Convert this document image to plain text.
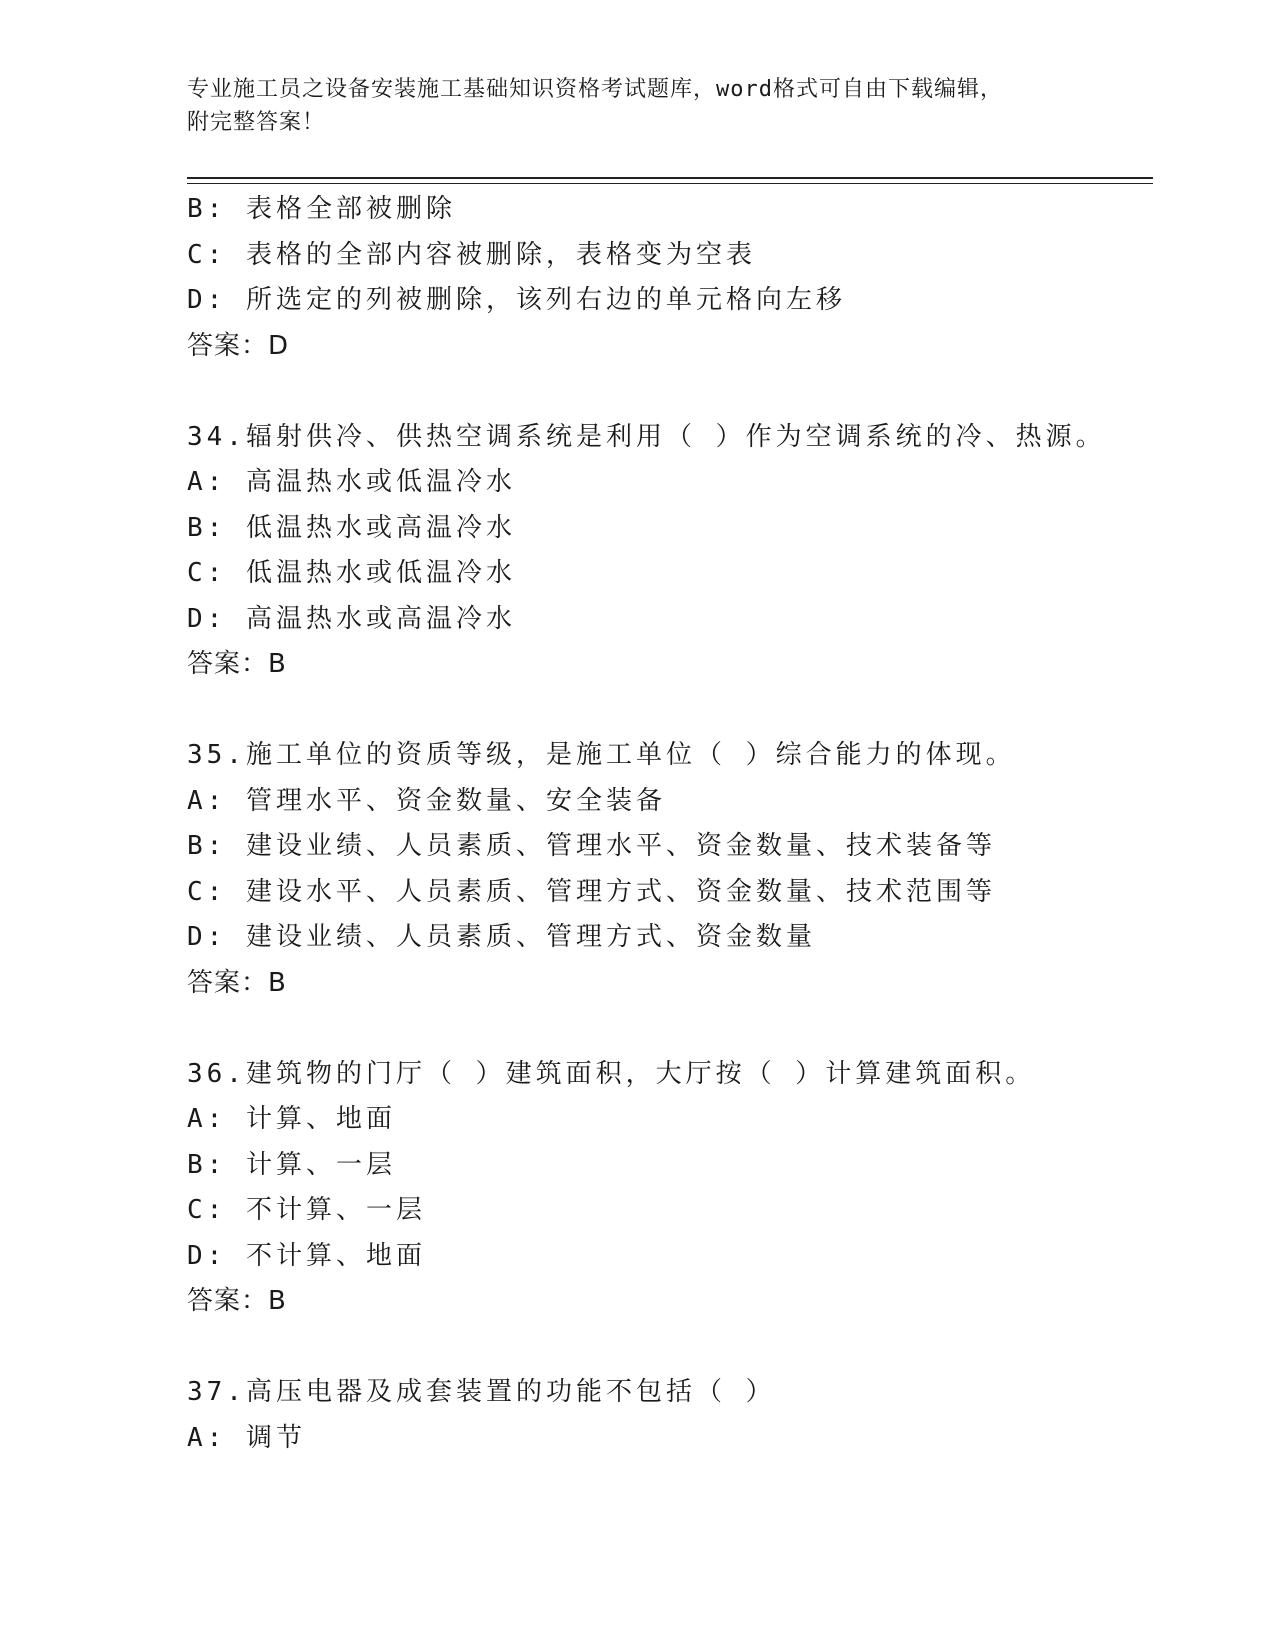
专业施工员之设备安装施工基础知识资格考试题库，word格式可自由下载编辑，
附完整答案！
B: 表格全部被删除
C: 表格的全部内容被删除，表格变为空表
D: 所选定的列被删除，该列右边的单元格向左移
答案：D
34.辐射供冷、供热空调系统是利用（ ）作为空调系统的冷、热源。
A: 高温热水或低温冷水
B: 低温热水或高温冷水
C: 低温热水或低温冷水
D: 高温热水或高温冷水
答案：B
35.施工单位的资质等级，是施工单位（ ）综合能力的体现。
A: 管理水平、资金数量、安全装备
B: 建设业绩、人员素质、管理水平、资金数量、技术装备等
C: 建设水平、人员素质、管理方式、资金数量、技术范围等
D: 建设业绩、人员素质、管理方式、资金数量
答案：B
36.建筑物的门厅（ ）建筑面积，大厅按（ ）计算建筑面积。
A: 计算、地面
B: 计算、一层
C: 不计算、一层
D: 不计算、地面
答案：B
37.高压电器及成套装置的功能不包括（ ）
A: 调节
